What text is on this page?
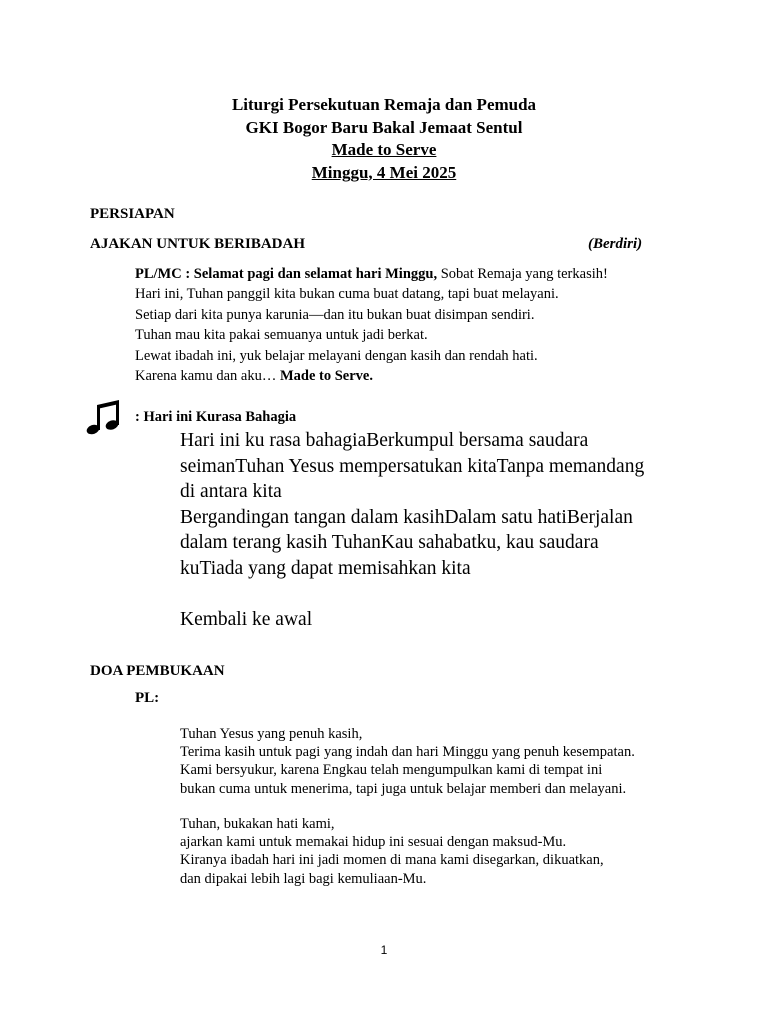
Liturgi Persekutuan Remaja dan Pemuda
GKI Bogor Baru Bakal Jemaat Sentul
Made to Serve
Minggu, 4 Mei 2025
PERSIAPAN
AJAKAN UNTUK BERIBADAH	(Berdiri)
PL/MC : Selamat pagi dan selamat hari Minggu, Sobat Remaja yang terkasih!
Hari ini, Tuhan panggil kita bukan cuma buat datang, tapi buat melayani.
Setiap dari kita punya karunia—dan itu bukan buat disimpan sendiri.
Tuhan mau kita pakai semuanya untuk jadi berkat.
Lewat ibadah ini, yuk belajar melayani dengan kasih dan rendah hati.
Karena kamu dan aku… Made to Serve.
: Hari ini Kurasa Bahagia
Hari ini ku rasa bahagiaBerkumpul bersama saudara
seimanTuhan Yesus mempersatukan kitaTanpa memandang
di antara kita
Bergandingan tangan dalam kasihDalam satu hatiBerjalan
dalam terang kasih TuhanKau sahabatku, kau saudara
kuTiada yang dapat memisahkan kita
Kembali ke awal
DOA PEMBUKAAN
PL:
Tuhan Yesus yang penuh kasih,
Terima kasih untuk pagi yang indah dan hari Minggu yang penuh kesempatan.
Kami bersyukur, karena Engkau telah mengumpulkan kami di tempat ini
bukan cuma untuk menerima, tapi juga untuk belajar memberi dan melayani.
Tuhan, bukakan hati kami,
ajarkan kami untuk memakai hidup ini sesuai dengan maksud-Mu.
Kiranya ibadah hari ini jadi momen di mana kami disegarkan, dikuatkan,
dan dipakai lebih lagi bagi kemuliaan-Mu.
1
